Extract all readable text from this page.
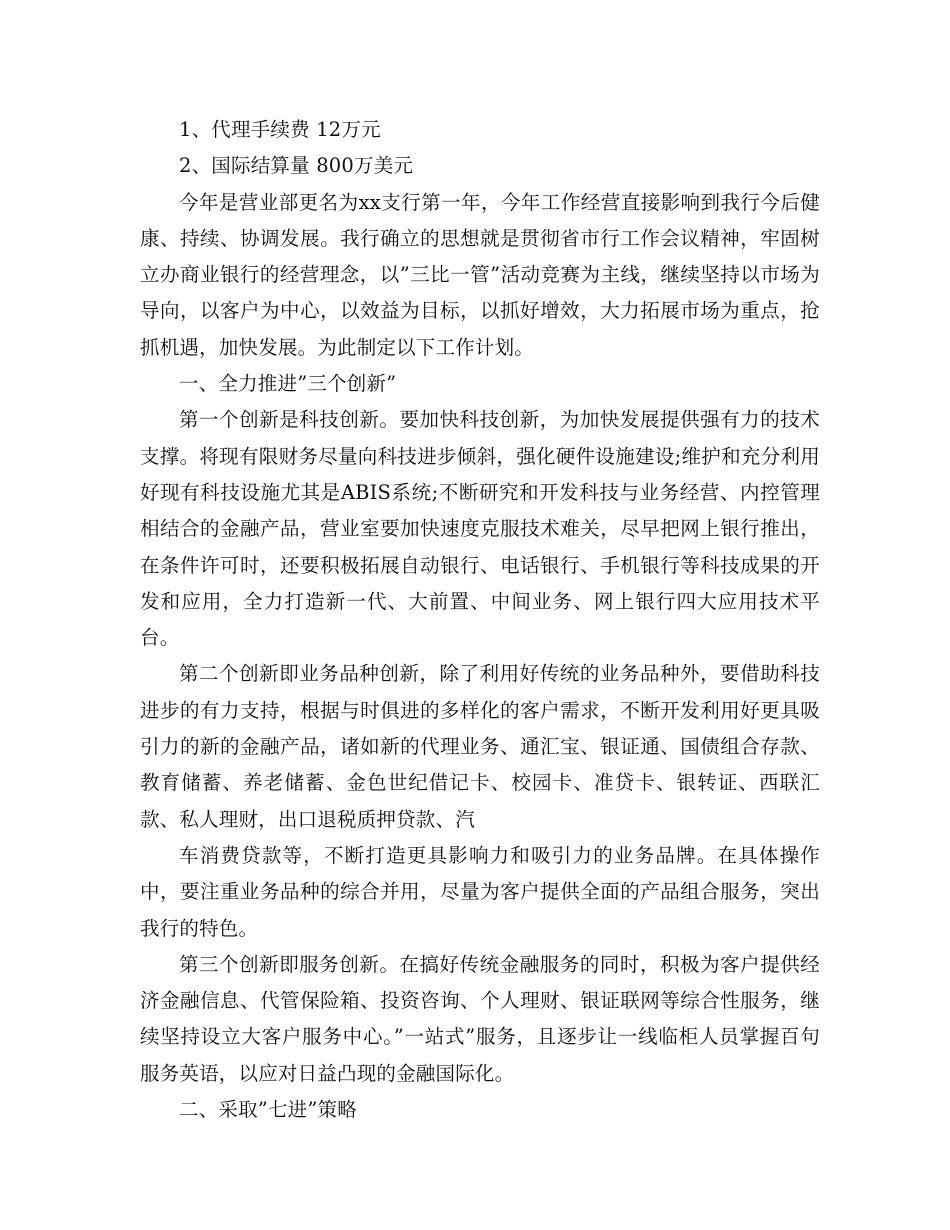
1、代理手续费 12万元

2、国际结算量 800万美元

今年是营业部更名为xx支行第一年，今年工作经营直接影响到我行今后健康、持续、协调发展。我行确立的思想就是贯彻省市行工作会议精神，牢固树立办商业银行的经营理念，以”三比一管”活动竞赛为主线，继续坚持以市场为导向，以客户为中心，以效益为目标，以抓好增效，大力拓展市场为重点，抢抓机遇，加快发展。为此制定以下工作计划。

一、全力推进”三个创新”

第一个创新是科技创新。要加快科技创新，为加快发展提供强有力的技术支撑。将现有限财务尽量向科技进步倾斜，强化硬件设施建设;维护和充分利用好现有科技设施尤其是ABIS系统;不断研究和开发科技与业务经营、内控管理相结合的金融产品，营业室要加快速度克服技术难关，尽早把网上银行推出，在条件许可时，还要积极拓展自动银行、电话银行、手机银行等科技成果的开发和应用，全力打造新一代、大前置、中间业务、网上银行四大应用技术平台。

第二个创新即业务品种创新，除了利用好传统的业务品种外，要借助科技进步的有力支持，根据与时俱进的多样化的客户需求，不断开发利用好更具吸引力的新的金融产品，诸如新的代理业务、通汇宝、银证通、国债组合存款、教育储蓄、养老储蓄、金色世纪借记卡、校园卡、准贷卡、银转证、西联汇款、私人理财，出口退税质押贷款、汽

车消费贷款等，不断打造更具影响力和吸引力的业务品牌。在具体操作中，要注重业务品种的综合并用，尽量为客户提供全面的产品组合服务，突出我行的特色。

第三个创新即服务创新。在搞好传统金融服务的同时，积极为客户提供经济金融信息、代管保险箱、投资咨询、个人理财、银证联网等综合性服务，继续坚持设立大客户服务中心。”一站式”服务，且逐步让一线临柜人员掌握百句服务英语，以应对日益凸现的金融国际化。

二、采取”七进”策略
